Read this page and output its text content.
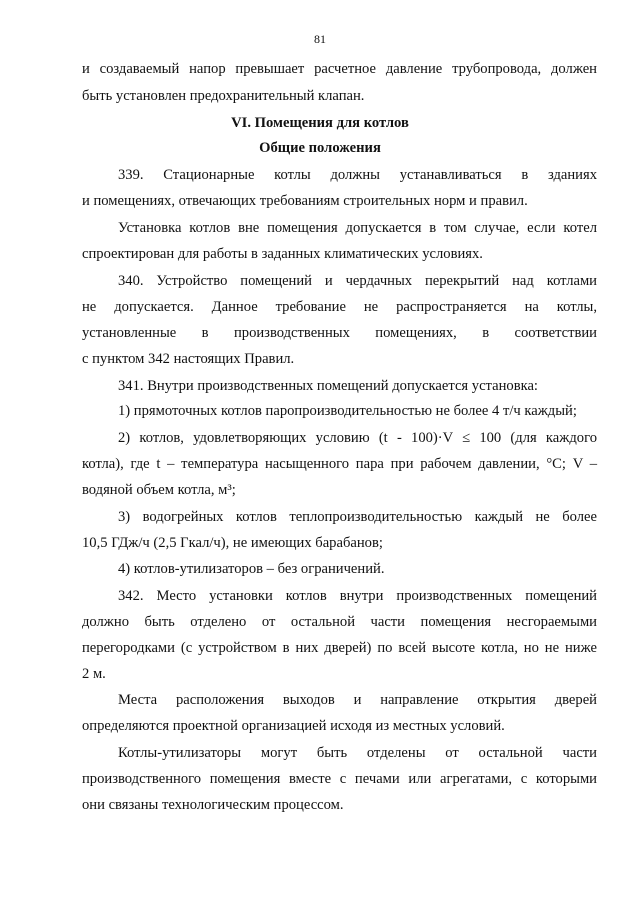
81
и создаваемый напор превышает расчетное давление трубопровода, должен
быть установлен предохранительный клапан.
VI. Помещения для котлов
Общие положения
339. Стационарные котлы должны устанавливаться в зданиях
и помещениях, отвечающих требованиям строительных норм и правил.
Установка котлов вне помещения допускается в том случае, если котел
спроектирован для работы в заданных климатических условиях.
340. Устройство помещений и чердачных перекрытий над котлами
не допускается. Данное требование не распространяется на котлы,
установленные в производственных помещениях, в соответствии
с пунктом 342 настоящих Правил.
341. Внутри производственных помещений допускается установка:
1) прямоточных котлов паропроизводительностью не более 4 т/ч каждый;
2) котлов, удовлетворяющих условию (t - 100)·V ≤ 100 (для каждого
котла), где t – температура насыщенного пара при рабочем давлении, °С; V –
водяной объем котла, м³;
3) водогрейных котлов теплопроизводительностью каждый не более
10,5 ГДж/ч (2,5 Гкал/ч), не имеющих барабанов;
4) котлов-утилизаторов – без ограничений.
342. Место установки котлов внутри производственных помещений
должно быть отделено от остальной части помещения несгораемыми
перегородками (с устройством в них дверей) по всей высоте котла, но не ниже
2 м.
Места расположения выходов и направление открытия дверей
определяются проектной организацией исходя из местных условий.
Котлы-утилизаторы могут быть отделены от остальной части
производственного помещения вместе с печами или агрегатами, с которыми
они связаны технологическим процессом.
